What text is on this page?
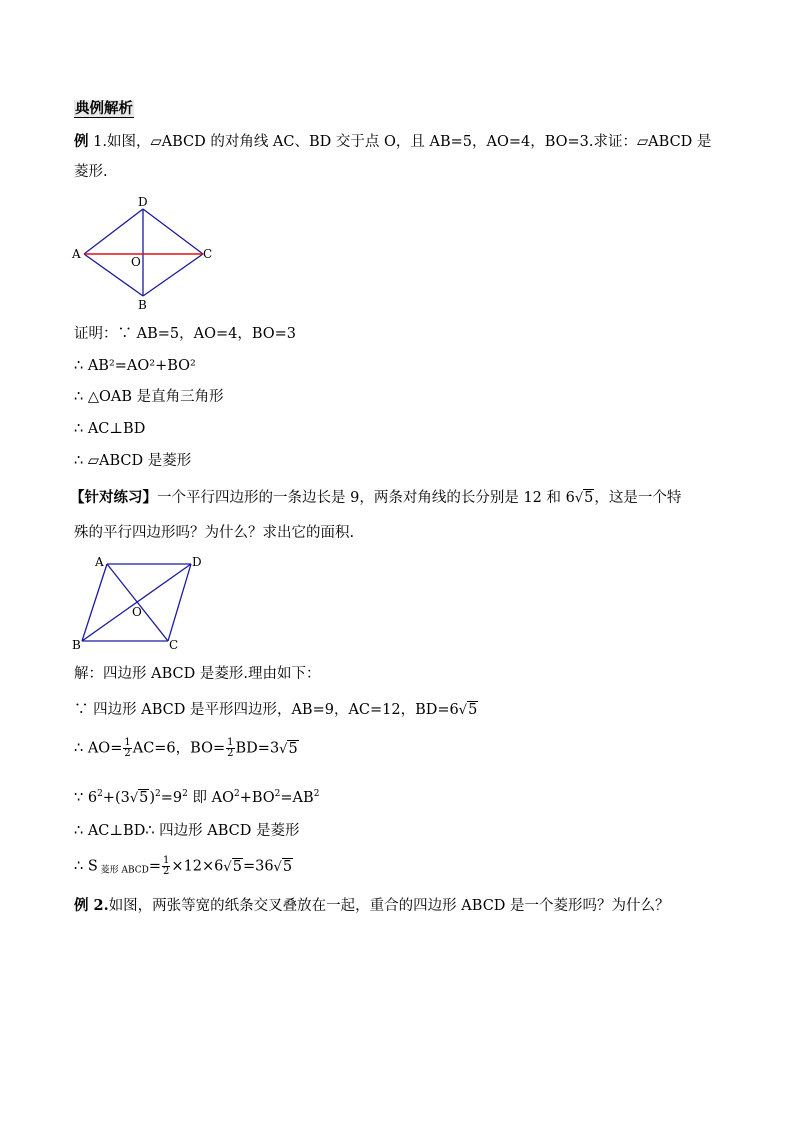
典例解析
例 1.如图，▱ABCD 的对角线 AC、BD 交于点 O，且 AB=5，AO=4，BO=3.求证：▱ABCD 是
菱形.
A
D
C
B
O
证明：∵ AB=5，AO=4，BO=3
∴ AB²=AO²+BO²
∴ △OAB 是直角三角形
∴ AC⊥BD
∴ ▱ABCD 是菱形
【针对练习】一个平行四边形的一条边长是 9，两条对角线的长分别是 12 和 6√5，这是一个特
殊的平行四边形吗？为什么？求出它的面积.
A	D
B	C
O
解：四边形 ABCD 是菱形.理由如下：
∵ 四边形 ABCD 是平形四边形，AB=9，AC=12，BD=6√5
∴ $AO= \frac{1}{2} AC=6$，$BO= \frac{1}{2} BD=3√5$
∵ $6^2+(3√5)^2=9^2$ 即 $AO^2+BO^2=AB^2$
∴ AC⊥BD∴ 四边形 ABCD 是菱形
∴ S $_{菱形 ABCD}= \frac{1}{2} \times 12\times 6√5=36√5$
例 2.如图，两张等宽的纸条交叉叠放在一起，重合的四边形 ABCD 是一个菱形吗？为什么？
